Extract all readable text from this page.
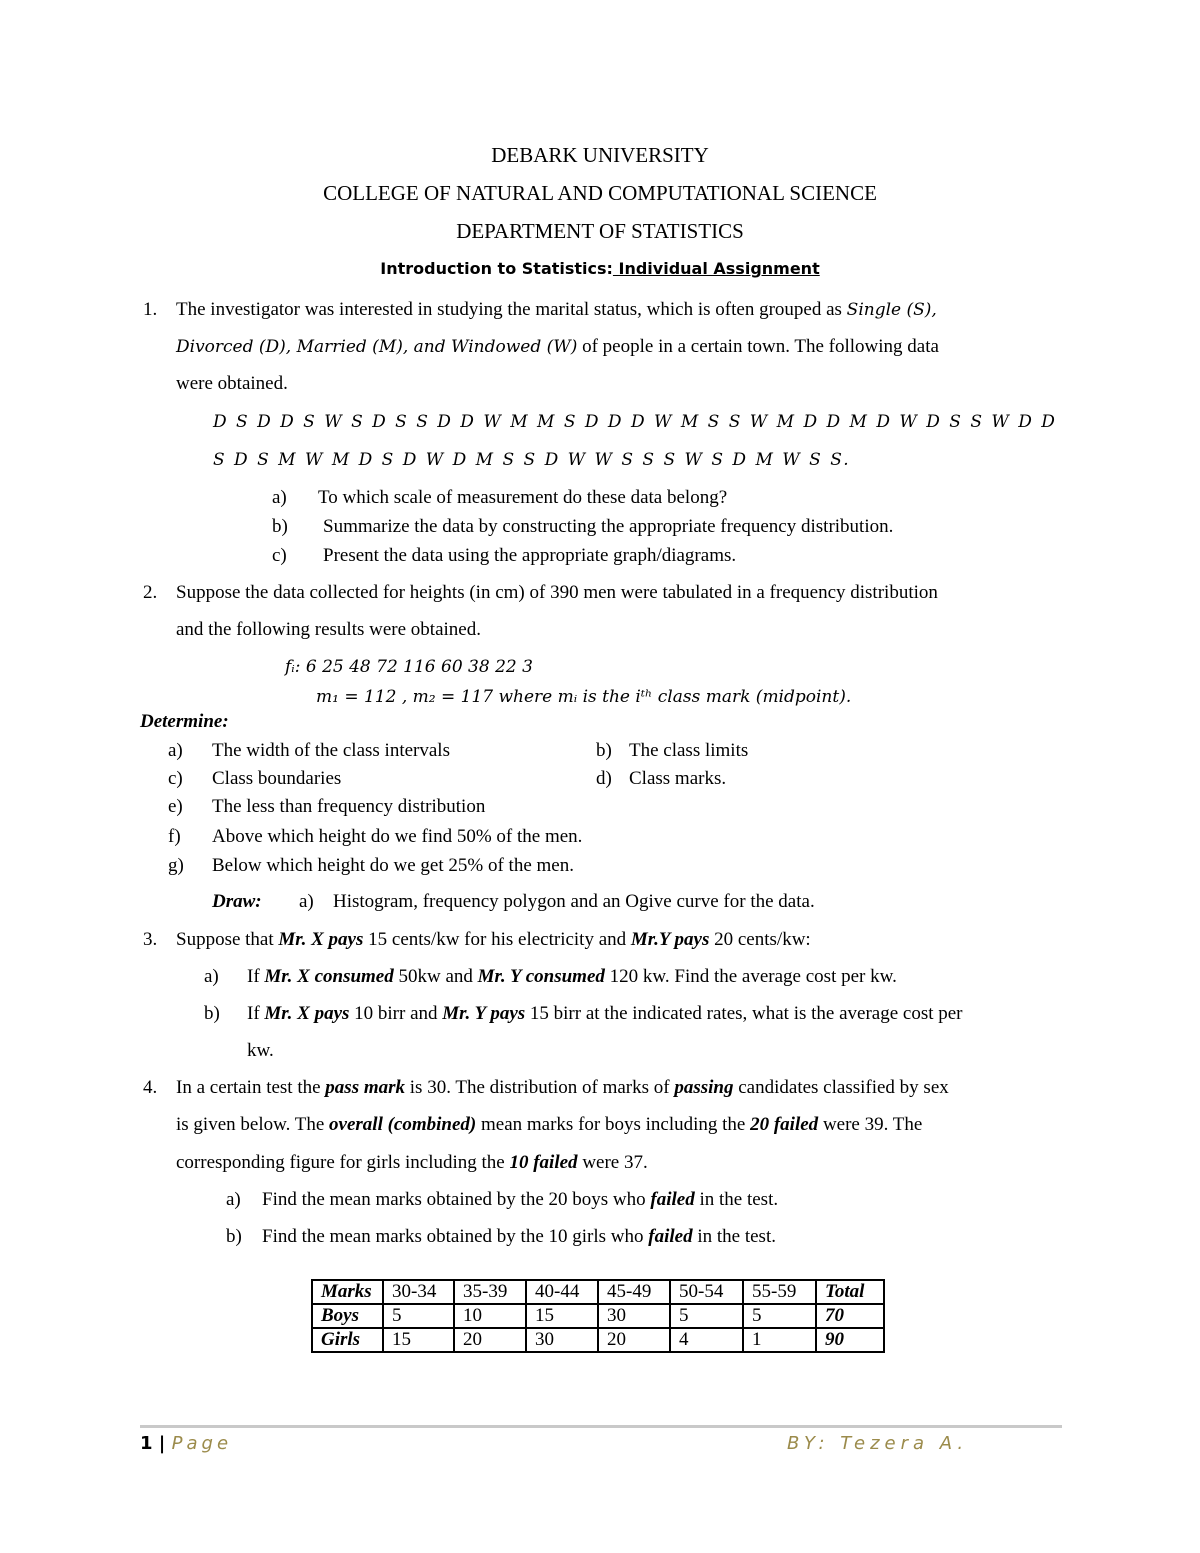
DEBARK UNIVERSITY
COLLEGE OF NATURAL AND COMPUTATIONAL SCIENCE
DEPARTMENT OF STATISTICS
Introduction to Statistics: Individual Assignment
1. The investigator was interested in studying the marital status, which is often grouped as Single (S),
Divorced (D), Married (M), and Windowed (W) of people in a certain town. The following data
were obtained.
D S D D S W S D S S D D W M M S D D D W M S S W M D D M D W D S S W D D
S D S M W M D S D W D M S S D W W S S S W S D M W S S.
a) To which scale of measurement do these data belong?
b) Summarize the data by constructing the appropriate frequency distribution.
c) Present the data using the appropriate graph/diagrams.
2. Suppose the data collected for heights (in cm) of 390 men were tabulated in a frequency distribution
and the following results were obtained.
fᵢ: 6 25 48 72 116 60 38 22 3
m₁ = 112 , m₂ = 117 where mᵢ is the iᵗʰ class mark (midpoint).
Determine:
a) The width of the class intervals	b) The class limits
c) Class boundaries	d) Class marks.
e) The less than frequency distribution
f) Above which height do we find 50% of the men.
g) Below which height do we get 25% of the men.
Draw: a) Histogram, frequency polygon and an Ogive curve for the data.
3. Suppose that Mr. X pays 15 cents/kw for his electricity and Mr.Y pays 20 cents/kw:
a) If Mr. X consumed 50kw and Mr. Y consumed 120 kw. Find the average cost per kw.
b) If Mr. X pays 10 birr and Mr. Y pays 15 birr at the indicated rates, what is the average cost per
kw.
4. In a certain test the pass mark is 30. The distribution of marks of passing candidates classified by sex
is given below. The overall (combined) mean marks for boys including the 20 failed were 39. The
corresponding figure for girls including the 10 failed were 37.
a) Find the mean marks obtained by the 20 boys who failed in the test.
b) Find the mean marks obtained by the 10 girls who failed in the test.
Marks	30-34	35-39	40-44	45-49	50-54	55-59	Total
Boys	5	10	15	30	5	5	70
Girls	15	20	30	20	4	1	90
1 | Page	BY: Tezera A.
